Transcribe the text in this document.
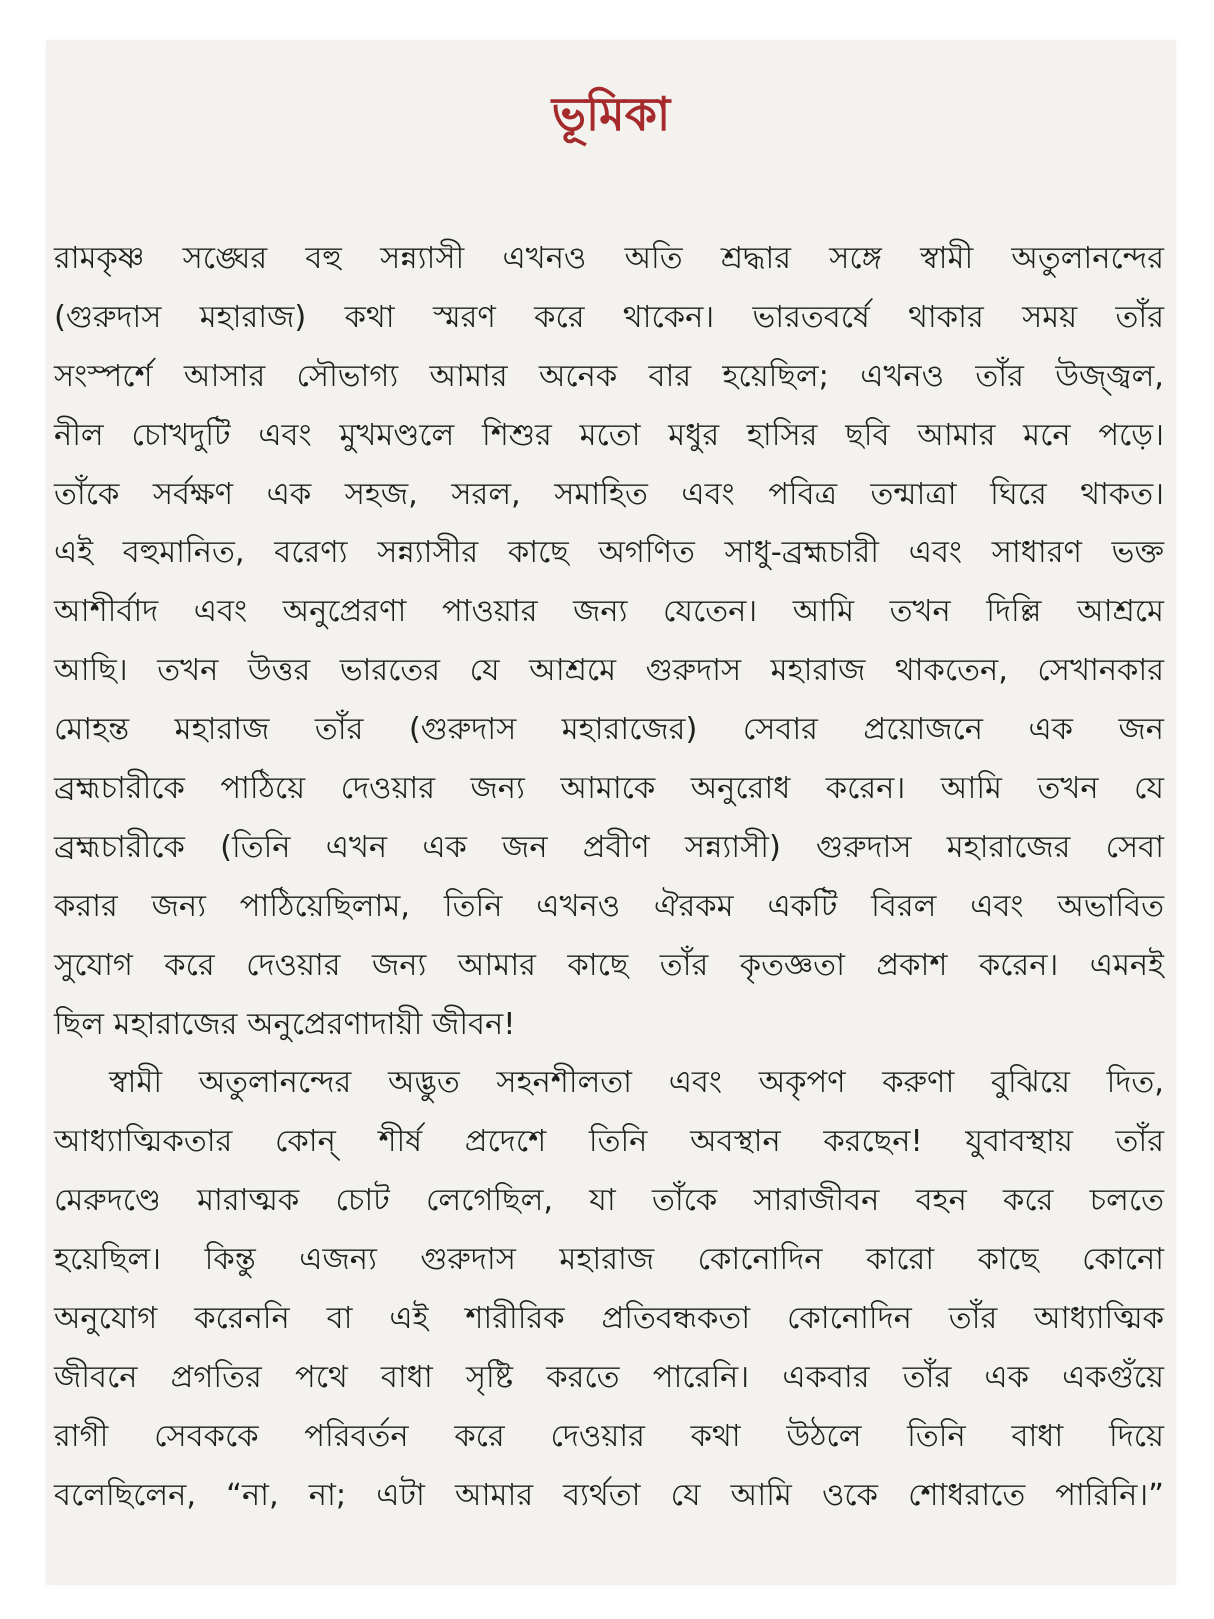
ভূমিকা
রামকৃষ্ণ সঙ্ঘের বহু সন্ন্যাসী এখনও অতি শ্রদ্ধার সঙ্গে স্বামী অতুলানন্দের
(গুরুদাস মহারাজ) কথা স্মরণ করে থাকেন। ভারতবর্ষে থাকার সময় তাঁর
সংস্পর্শে আসার সৌভাগ্য আমার অনেক বার হয়েছিল; এখনও তাঁর উজ্জ্বল,
নীল চোখদুটি এবং মুখমণ্ডলে শিশুর মতো মধুর হাসির ছবি আমার মনে পড়ে।
তাঁকে সর্বক্ষণ এক সহজ, সরল, সমাহিত এবং পবিত্র তন্মাত্রা ঘিরে থাকত।
এই বহুমানিত, বরেণ্য সন্ন্যাসীর কাছে অগণিত সাধু-ব্রহ্মচারী এবং সাধারণ ভক্ত
আশীর্বাদ এবং অনুপ্রেরণা পাওয়ার জন্য যেতেন। আমি তখন দিল্লি আশ্রমে
আছি। তখন উত্তর ভারতের যে আশ্রমে গুরুদাস মহারাজ থাকতেন, সেখানকার
মোহন্ত মহারাজ তাঁর (গুরুদাস মহারাজের) সেবার প্রয়োজনে এক জন
ব্রহ্মচারীকে পাঠিয়ে দেওয়ার জন্য আমাকে অনুরোধ করেন। আমি তখন যে
ব্রহ্মচারীকে (তিনি এখন এক জন প্রবীণ সন্ন্যাসী) গুরুদাস মহারাজের সেবা
করার জন্য পাঠিয়েছিলাম, তিনি এখনও ঐরকম একটি বিরল এবং অভাবিত
সুযোগ করে দেওয়ার জন্য আমার কাছে তাঁর কৃতজ্ঞতা প্রকাশ করেন। এমনই
ছিল মহারাজের অনুপ্রেরণাদায়ী জীবন!
স্বামী অতুলানন্দের অদ্ভুত সহনশীলতা এবং অকৃপণ করুণা বুঝিয়ে দিত,
আধ্যাত্মিকতার কোন্ শীর্ষ প্রদেশে তিনি অবস্থান করছেন! যুবাবস্থায় তাঁর
মেরুদণ্ডে মারাত্মক চোট লেগেছিল, যা তাঁকে সারাজীবন বহন করে চলতে
হয়েছিল। কিন্তু এজন্য গুরুদাস মহারাজ কোনোদিন কারো কাছে কোনো
অনুযোগ করেননি বা এই শারীরিক প্রতিবন্ধকতা কোনোদিন তাঁর আধ্যাত্মিক
জীবনে প্রগতির পথে বাধা সৃষ্টি করতে পারেনি। একবার তাঁর এক একগুঁয়ে
রাগী সেবককে পরিবর্তন করে দেওয়ার কথা উঠলে তিনি বাধা দিয়ে
বলেছিলেন, “না, না; এটা আমার ব্যর্থতা যে আমি ওকে শোধরাতে পারিনি।”
